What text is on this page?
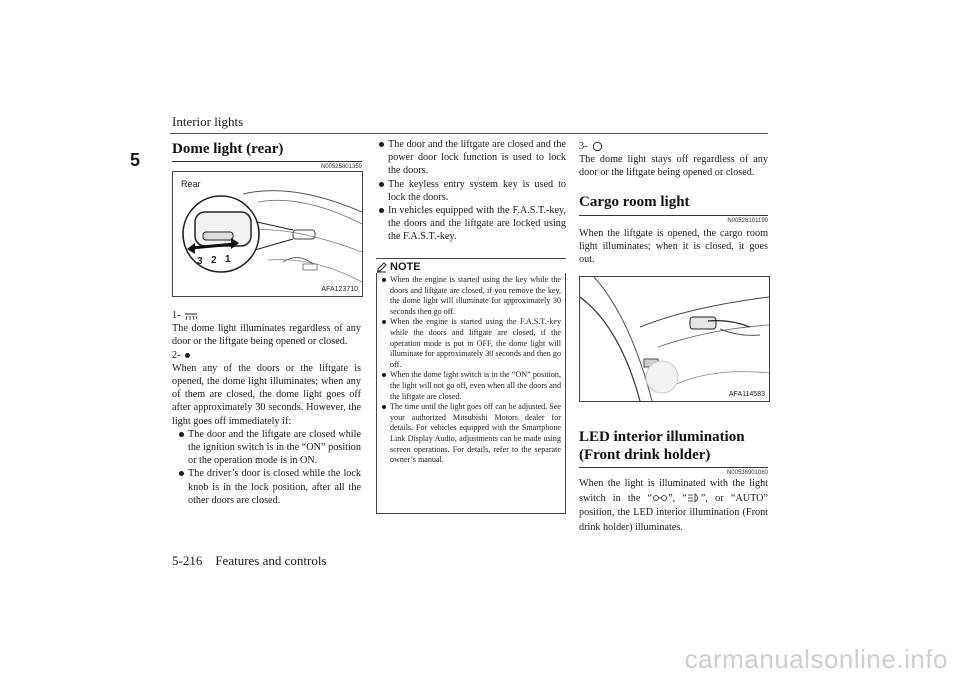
Interior lights
5
Dome light (rear)
N00525801359
Rear
3 2 1
AFA123710
1-

The dome light illuminates regardless of any door or the liftgate being opened or closed.

2-

When any of the doors or the liftgate is opened, the dome light illuminates; when any of them are closed, the dome light goes off after approximately 30 seconds. However, the light goes off immediately if:

The door and the liftgate are closed while the ignition switch is in the “ON” position or the operation mode is in ON.
The driver’s door is closed while the lock knob is in the lock position, after all the other doors are closed.
The door and the liftgate are closed and the power door lock function is used to lock the doors.
The keyless entry system key is used to lock the doors.
In vehicles equipped with the F.A.S.T.-key, the doors and the liftgate are locked using the F.A.S.T.-key.
NOTE
When the engine is started using the key while the doors and liftgate are closed, if you remove the key, the dome light will illuminate for approximately 30 seconds then go off.
When the engine is started using the F.A.S.T.-key while the doors and liftgate are closed, if the operation mode is put in OFF, the dome light will illuminate for approximately 30 seconds and then go off.
When the dome light switch is in the “ON” position, the light will not go off, even when all the doors and the liftgate are closed.
The time until the light goes off can be adjusted. See your authorized Mitsubishi Motors dealer for details. For vehicles equipped with the Smartphone Link Display Audio, adjustments can be made using screen operations. For details, refer to the separate owner’s manual.
3-

The dome light stays off regardless of any door or the liftgate being opened or closed.

Cargo room light
N00526101199

When the liftgate is opened, the cargo room light illuminates; when it is closed, it goes out.

AFA114583
LED interior illumination
(Front drink holder)
N00536901060

When the light is illuminated with the light switch in the “ ”, “ ”, or “AUTO” position, the LED interior illumination (Front drink holder) illuminates.

5-216    Features and controls
carmanualsonline.info
